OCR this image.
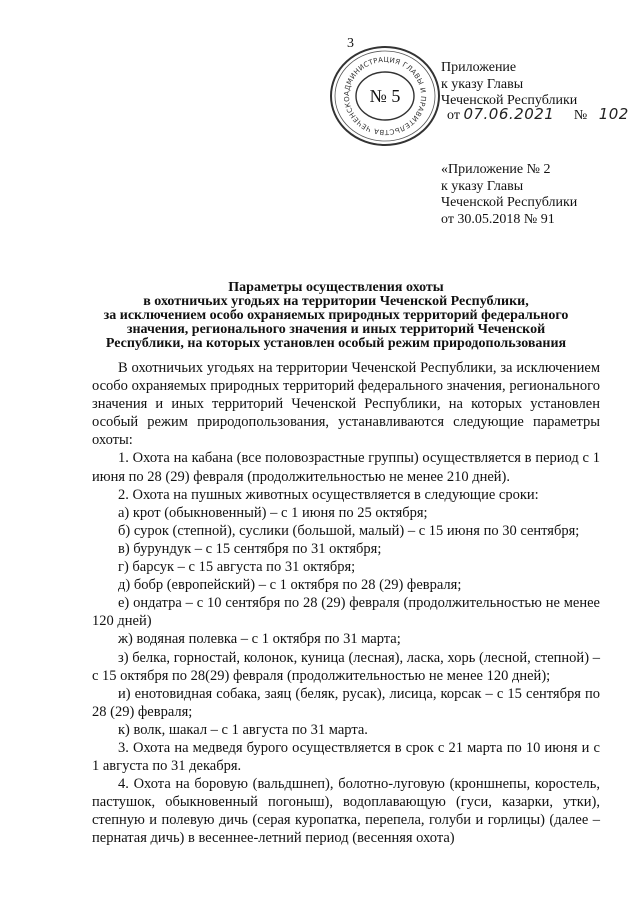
3
АДМИНИСТРАЦИЯ ГЛАВЫ И ПРАВИТЕЛЬСТВА ЧЕЧЕНСКО	№ 5
Приложение
к указу Главы
Чеченской Республики
от 07.06.2021 № 102
«Приложение № 2
к указу Главы
Чеченской Республики
от 30.05.2018 № 91
Параметры осуществления охоты
в охотничьих угодьях на территории Чеченской Республики,
за исключением особо охраняемых природных территорий федерального
значения, регионального значения и иных территорий Чеченской
Республики, на которых установлен особый режим природопользования

В охотничьих угодьях на территории Чеченской Республики, за исключением особо охраняемых природных территорий федерального значения, регионального значения и иных территорий Чеченской Республики, на которых установлен особый режим природопользования, устанавливаются следующие параметры охоты:

1. Охота на кабана (все половозрастные группы) осуществляется в период с 1 июня по 28 (29) февраля (продолжительностью не менее 210 дней).

2. Охота на пушных животных осуществляется в следующие сроки:

а) крот (обыкновенный) – с 1 июня по 25 октября;

б) сурок (степной), суслики (большой, малый) – с 15 июня по 30 сентября;

в) бурундук – с 15 сентября по 31 октября;

г) барсук – с 15 августа по 31 октября;

д) бобр (европейский) – с 1 октября по 28 (29) февраля;

е) ондатра – с 10 сентября по 28 (29) февраля (продолжительностью не менее 120 дней)

ж) водяная полевка – с 1 октября по 31 марта;

з) белка, горностай, колонок, куница (лесная), ласка, хорь (лесной, степной) – с 15 октября по 28(29) февраля (продолжительностью не менее 120 дней);

и) енотовидная собака, заяц (беляк, русак), лисица, корсак – с 15 сентября по 28 (29) февраля;

к) волк, шакал – с 1 августа по 31 марта.

3. Охота на медведя бурого осуществляется в срок с 21 марта по 10 июня и с 1 августа по 31 декабря.

4. Охота на боровую (вальдшнеп), болотно-луговую (кроншнепы, коростель, пастушок, обыкновенный погоныш), водоплавающую (гуси, казарки, утки), степную и полевую дичь (серая куропатка, перепела, голуби и горлицы) (далее – пернатая дичь) в весеннее-летний период (весенняя охота)
